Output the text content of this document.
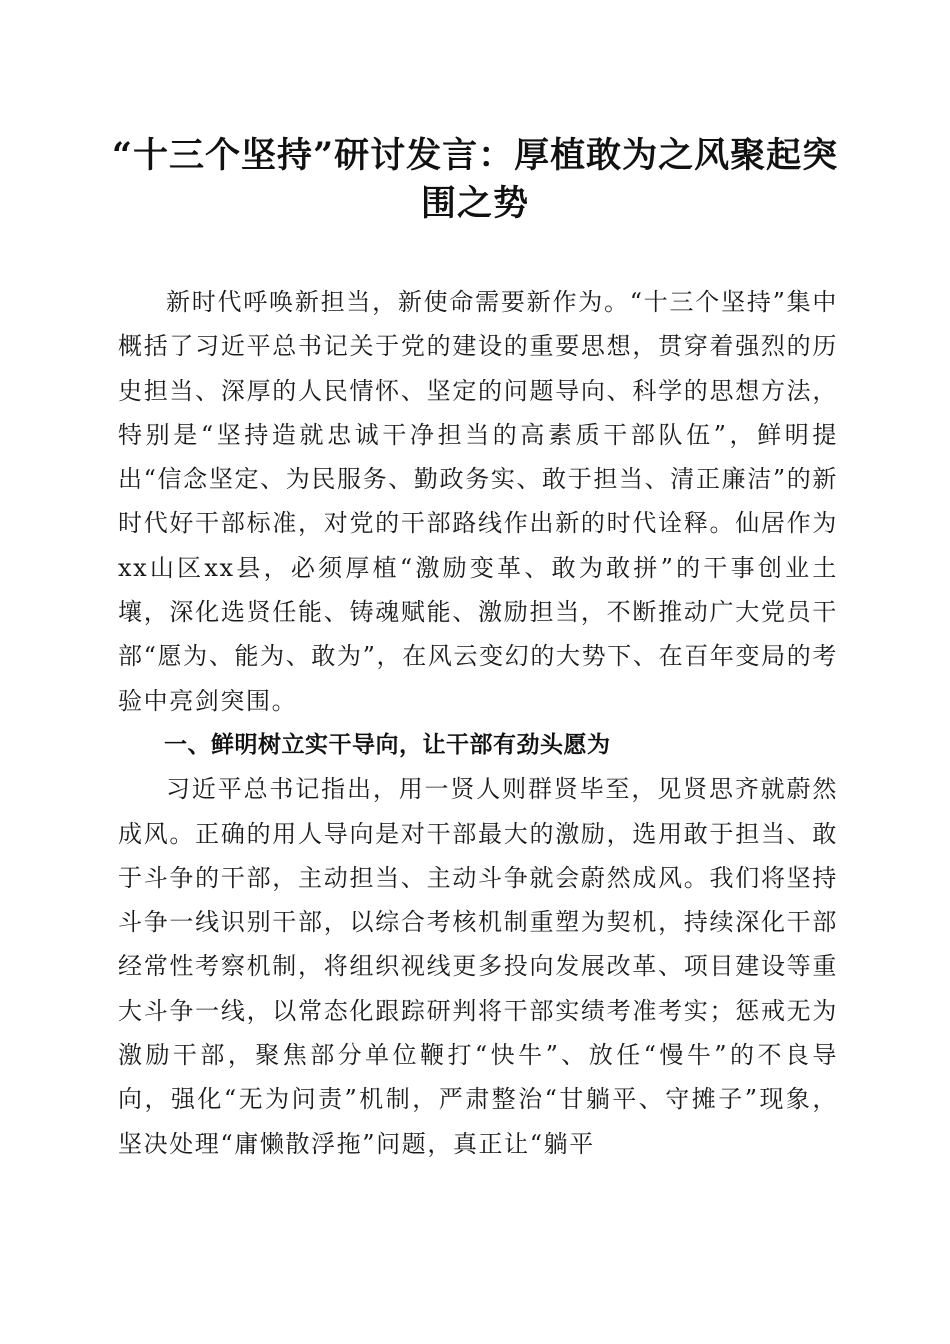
“十三个坚持”研讨发言：厚植敢为之风聚起突围之势

新时代呼唤新担当，新使命需要新作为。“十三个坚持”集中概括了习近平总书记关于党的建设的重要思想，贯穿着强烈的历史担当、深厚的人民情怀、坚定的问题导向、科学的思想方法，特别是“坚持造就忠诚干净担当的高素质干部队伍”，鲜明提出“信念坚定、为民服务、勤政务实、敢于担当、清正廉洁”的新时代好干部标准，对党的干部路线作出新的时代诠释。仙居作为xx山区xx县，必须厚植“激励变革、敢为敢拼”的干事创业土壤，深化选贤任能、铸魂赋能、激励担当，不断推动广大党员干部“愿为、能为、敢为”，在风云变幻的大势下、在百年变局的考验中亮剑突围。

一、鲜明树立实干导向，让干部有劲头愿为

习近平总书记指出，用一贤人则群贤毕至，见贤思齐就蔚然成风。正确的用人导向是对干部最大的激励，选用敢于担当、敢于斗争的干部，主动担当、主动斗争就会蔚然成风。我们将坚持斗争一线识别干部，以综合考核机制重塑为契机，持续深化干部经常性考察机制，将组织视线更多投向发展改革、项目建设等重大斗争一线，以常态化跟踪研判将干部实绩考准考实；惩戒无为激励干部，聚焦部分单位鞭打“快牛”、放任“慢牛”的不良导向，强化“无为问责”机制，严肃整治“甘躺平、守摊子”现象，坚决处理“庸懒散浮拖”问题，真正让“躺平
